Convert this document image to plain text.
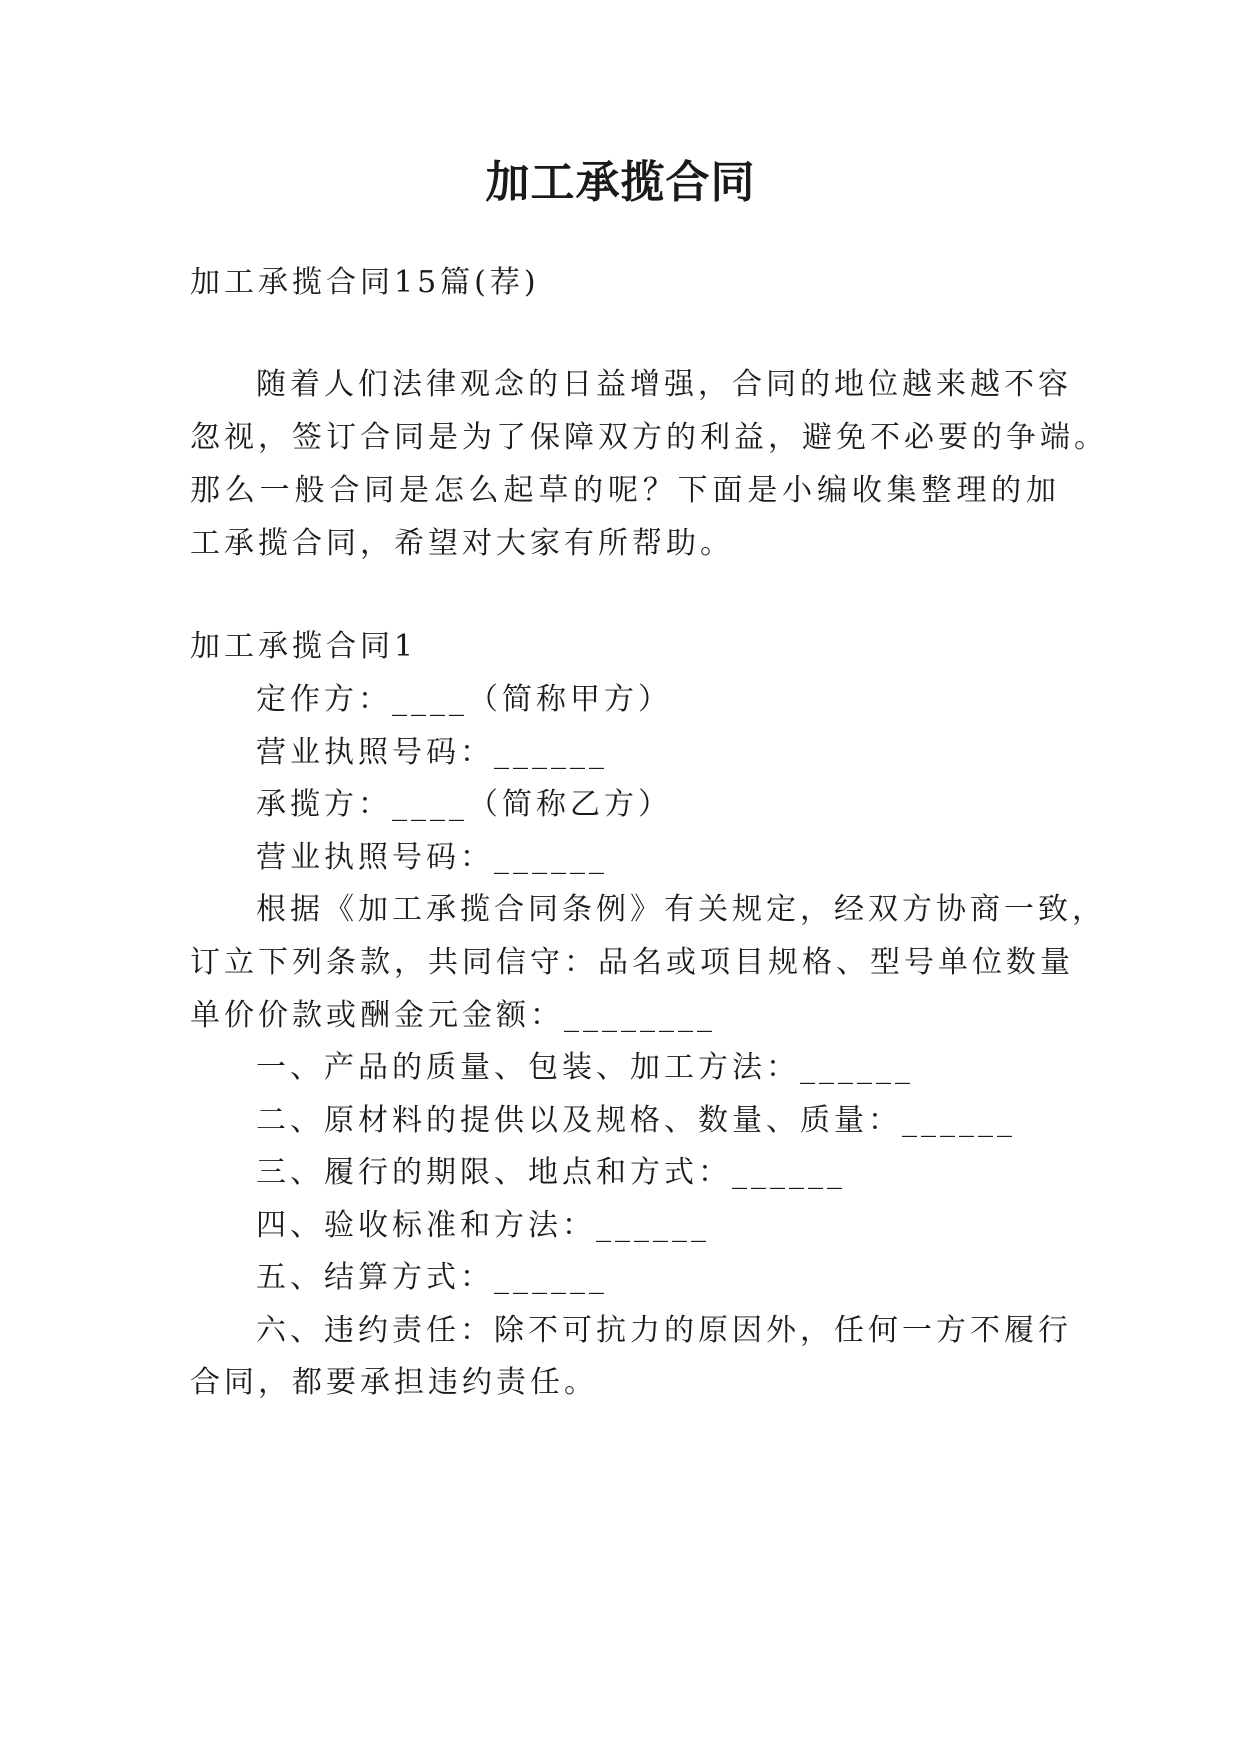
加工承揽合同

加工承揽合同15篇(荐)

随着人们法律观念的日益增强，合同的地位越来越不容

忽视，签订合同是为了保障双方的利益，避免不必要的争端。

那么一般合同是怎么起草的呢？下面是小编收集整理的加

工承揽合同，希望对大家有所帮助。

加工承揽合同1

定作方：____（简称甲方）

营业执照号码：______

承揽方：____（简称乙方）

营业执照号码：______

根据《加工承揽合同条例》有关规定，经双方协商一致，

订立下列条款，共同信守：品名或项目规格、型号单位数量

单价价款或酬金元金额：________

一、产品的质量、包装、加工方法：______

二、原材料的提供以及规格、数量、质量：______

三、履行的期限、地点和方式：______

四、验收标准和方法：______

五、结算方式：______

六、违约责任：除不可抗力的原因外，任何一方不履行

合同，都要承担违约责任。
